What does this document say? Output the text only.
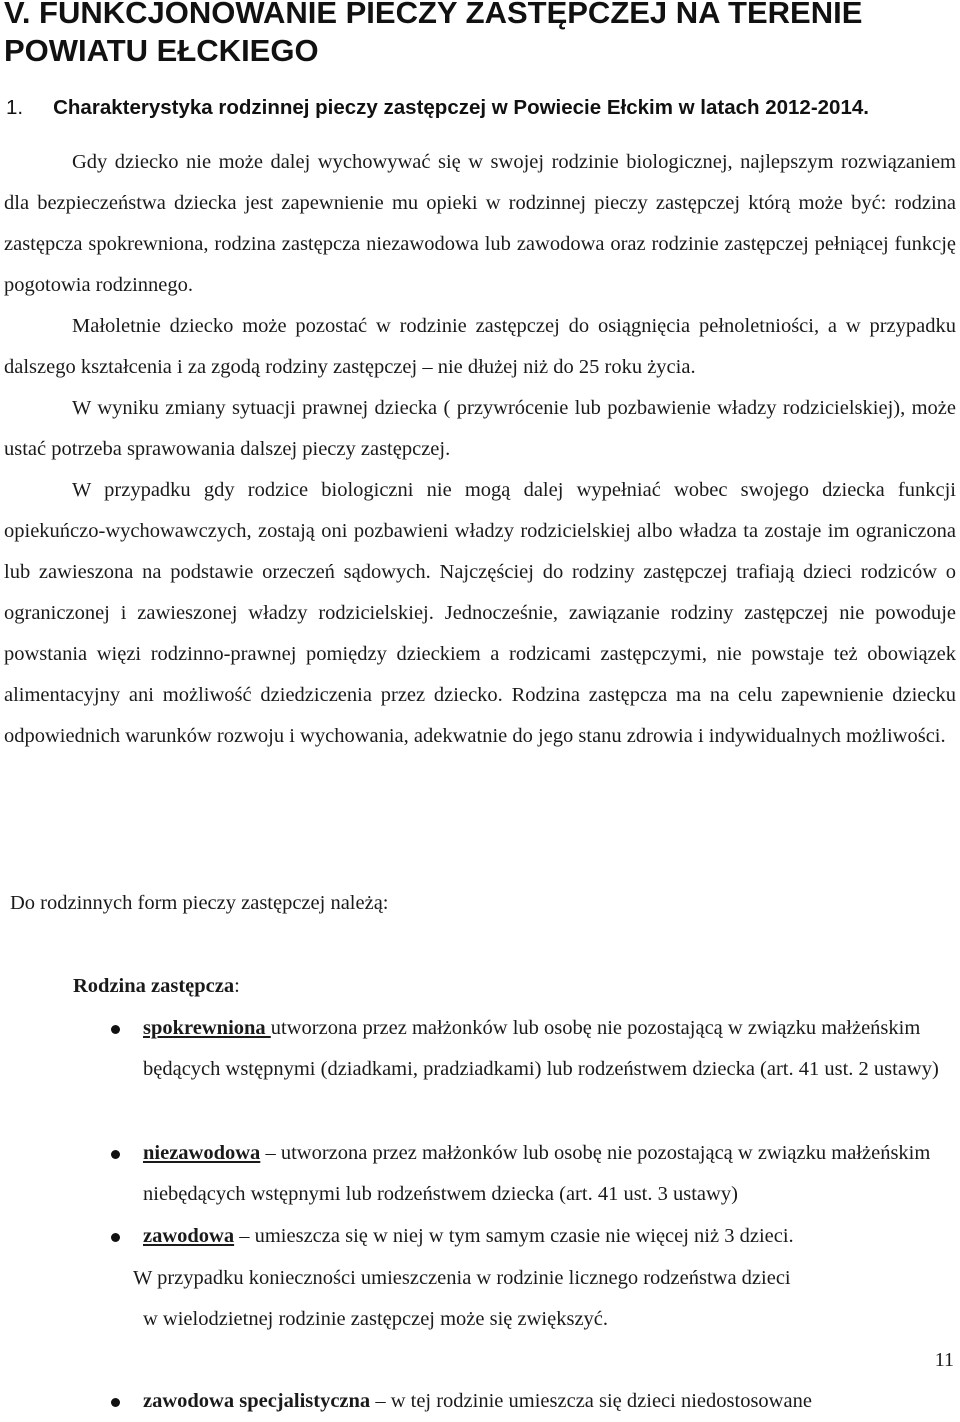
V. FUNKCJONOWANIE PIECZY ZASTĘPCZEJ NA TERENIE POWIATU EŁCKIEGO
1. Charakterystyka rodzinnej pieczy zastępczej w Powiecie Ełckim w latach 2012-2014.

Gdy dziecko nie może dalej wychowywać się w swojej rodzinie biologicznej, najlepszym rozwiązaniem dla bezpieczeństwa dziecka jest zapewnienie mu opieki w rodzinnej pieczy zastępczej którą może być: rodzina zastępcza spokrewniona, rodzina zastępcza niezawodowa lub zawodowa oraz rodzinie zastępczej pełniącej funkcję pogotowia rodzinnego.

Małoletnie dziecko może pozostać w rodzinie zastępczej do osiągnięcia pełnoletniości, a w przypadku dalszego kształcenia i za zgodą rodziny zastępczej – nie dłużej niż do 25 roku życia.

W wyniku zmiany sytuacji prawnej dziecka ( przywrócenie lub pozbawienie władzy rodzicielskiej), może ustać potrzeba sprawowania dalszej pieczy zastępczej.

W przypadku gdy rodzice biologiczni nie mogą dalej wypełniać wobec swojego dziecka funkcji opiekuńczo-wychowawczych, zostają oni pozbawieni władzy rodzicielskiej albo władza ta zostaje im ograniczona lub zawieszona na podstawie orzeczeń sądowych. Najczęściej do rodziny zastępczej trafiają dzieci rodziców o ograniczonej i zawieszonej władzy rodzicielskiej. Jednocześnie, zawiązanie rodziny zastępczej nie powoduje powstania więzi rodzinno-prawnej pomiędzy dzieckiem a rodzicami zastępczymi, nie powstaje też obowiązek alimentacyjny ani możliwość dziedziczenia przez dziecko. Rodzina zastępcza ma na celu zapewnienie dziecku odpowiednich warunków rozwoju i wychowania, adekwatnie do jego stanu zdrowia i indywidualnych możliwości.

Do rodzinnych form pieczy zastępczej należą:
Rodzina zastępcza:
spokrewniona utworzona przez małżonków lub osobę nie pozostającą w związku małżeńskim będących wstępnymi (dziadkami, pradziadkami) lub rodzeństwem dziecka (art. 41 ust. 2 ustawy)
niezawodowa – utworzona przez małżonków lub osobę nie pozostającą w związku małżeńskim niebędących wstępnymi lub rodzeństwem dziecka (art. 41 ust. 3 ustawy)
zawodowa – umieszcza się w niej w tym samym czasie nie więcej niż 3 dzieci.
W przypadku konieczności umieszczenia w rodzinie licznego rodzeństwa dzieci
w wielodzietnej rodzinie zastępczej może się zwiększyć.
11
zawodowa specjalistyczna – w tej rodzinie umieszcza się dzieci niedostosowane
